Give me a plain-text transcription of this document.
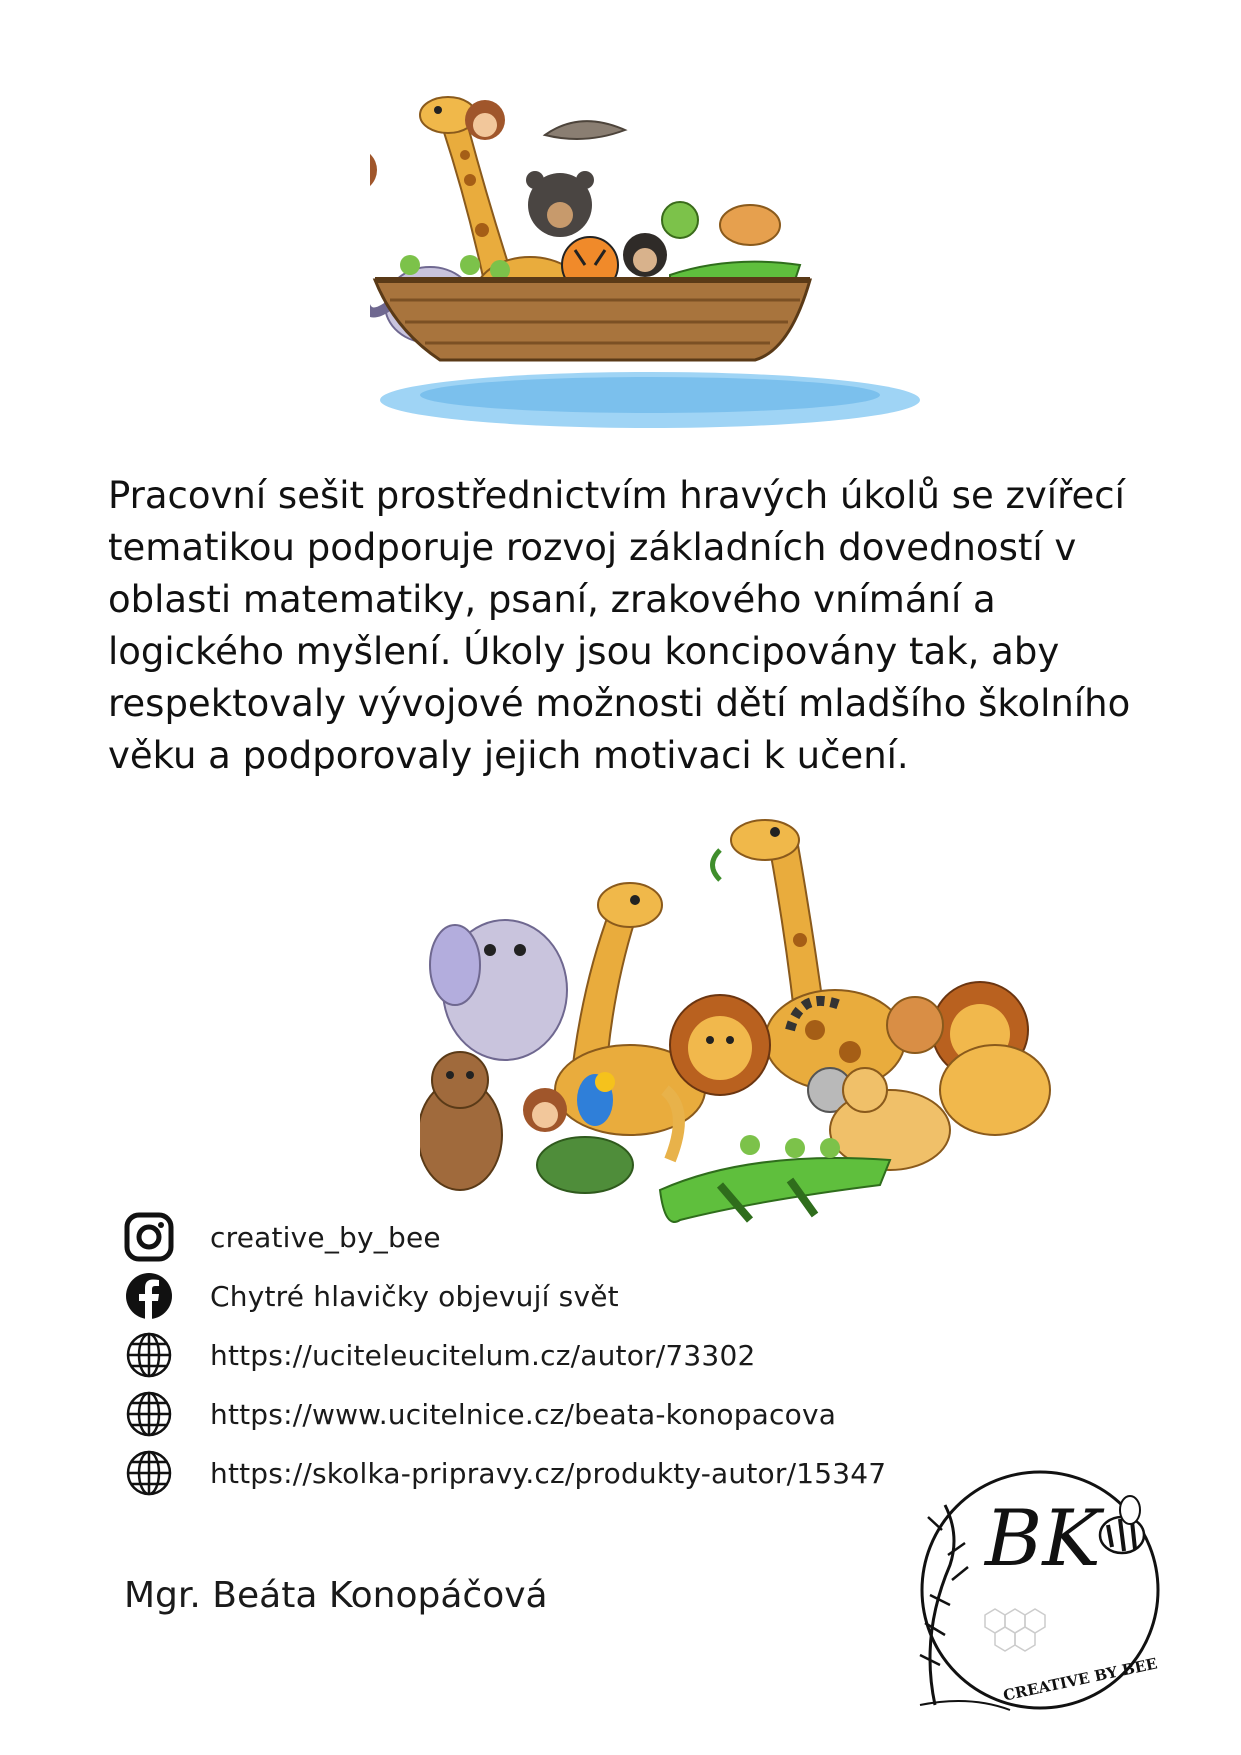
Pracovní sešit prostřednictvím hravých úkolů se zvířecí tematikou podporuje rozvoj základních dovedností v oblasti matematiky, psaní, zrakového vnímání a logického myšlení. Úkoly jsou koncipovány tak, aby respektovaly vývojové možnosti dětí mladšího školního věku a podporovaly jejich motivaci k učení.

creative_by_bee
Chytré hlavičky objevují svět
https://uciteleucitelum.cz/autor/73302
https://www.ucitelnice.cz/beata-konopacova
https://skolka-pripravy.cz/produkty-autor/15347
Mgr. Beáta Konopáčová
BK
CREATIVE BY BEE
